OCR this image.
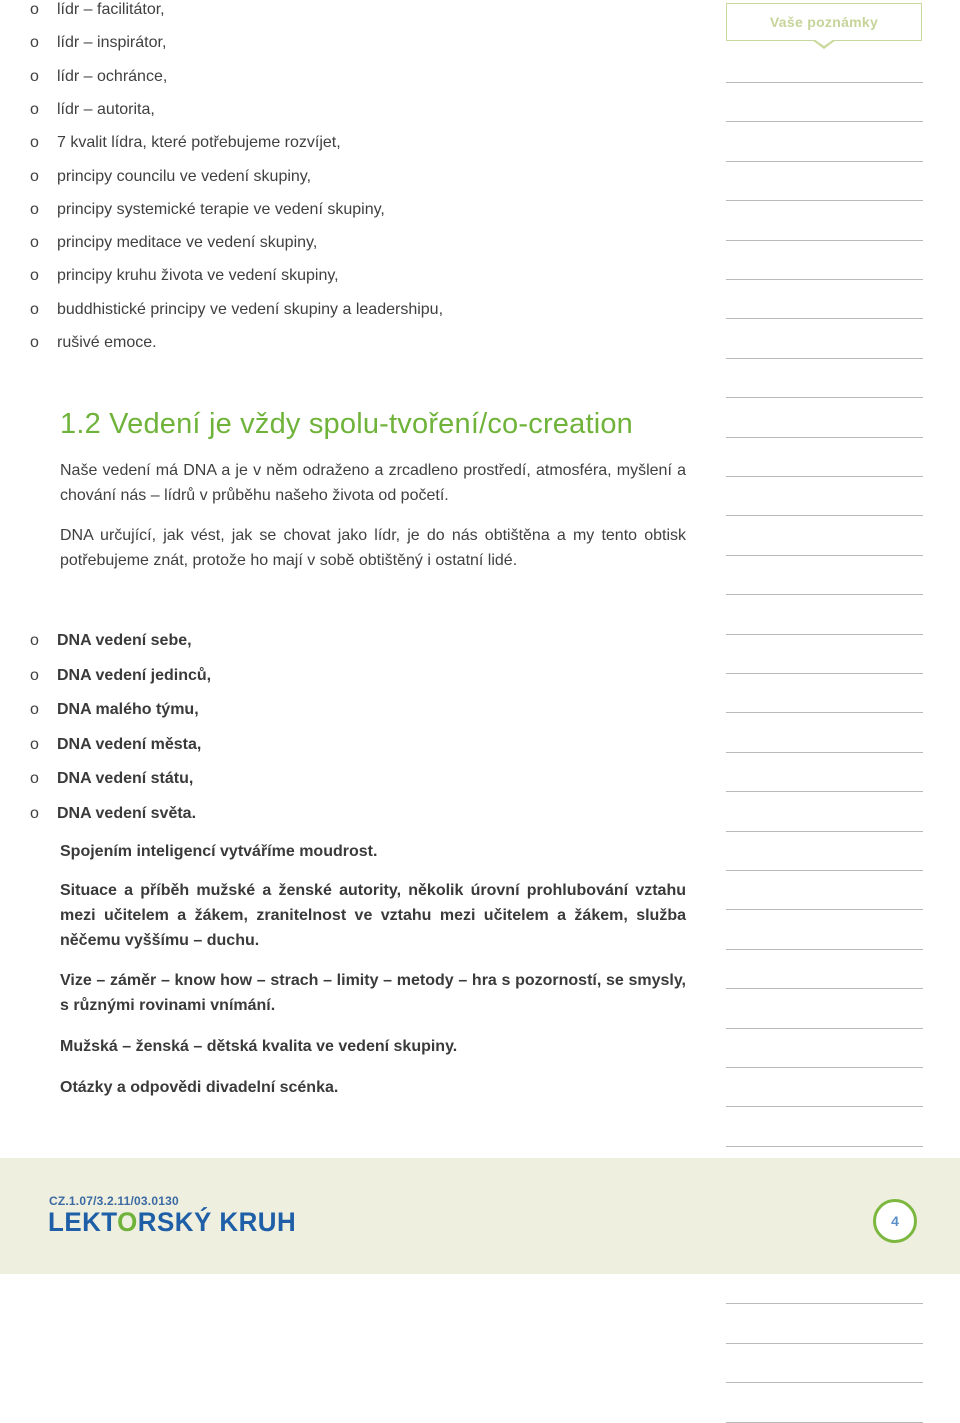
o	lídr – facilitátor,
o	lídr – inspirátor,
o	lídr – ochránce,
o	lídr – autorita,
o	7 kvalit lídra, které potřebujeme rozvíjet,
o	principy councilu ve vedení skupiny,
o	principy systemické terapie ve vedení skupiny,
o	principy meditace ve vedení skupiny,
o	principy kruhu života ve vedení skupiny,
o	buddhistické principy ve vedení skupiny a leadershipu,
o	rušivé emoce.
1.2 Vedení je vždy spolu-tvoření/co-creation

Naše vedení má DNA a je v něm odraženo a zrcadleno prostředí, atmosféra, myšlení a chování nás – lídrů v průběhu našeho života od početí.

DNA určující, jak vést, jak se chovat jako lídr, je do nás obtištěna a my tento obtisk potřebujeme znát, protože ho mají v sobě obtištěný i ostatní lidé.

o	DNA vedení sebe,
o	DNA vedení jedinců,
o	DNA malého týmu,
o	DNA vedení města,
o	DNA vedení státu,
o	DNA vedení světa.

Spojením inteligencí vytváříme moudrost.

Situace a příběh mužské a ženské autority, několik úrovní prohlubování vztahu mezi učitelem a žákem, zranitelnost ve vztahu mezi učitelem a žákem, služba něčemu vyššímu – duchu.

Vize – záměr – know how – strach – limity – metody – hra s pozorností, se smysly, s různými rovinami vnímání.

Mužská – ženská – dětská kvalita ve vedení skupiny.

Otázky a odpovědi divadelní scénka.

Vaše poznámky
CZ.1.07/3.2.11/03.0130
LEKTORSKÝ KRUH	4
